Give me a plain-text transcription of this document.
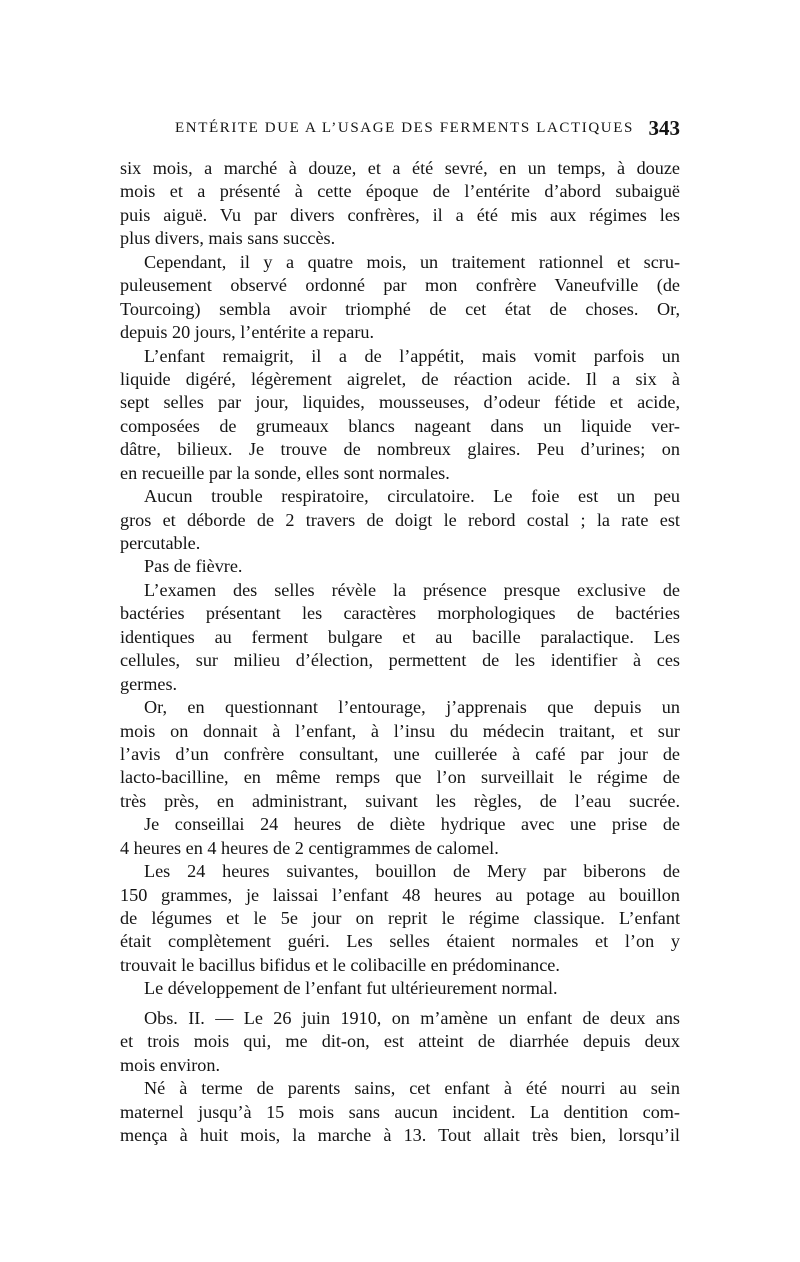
ENTÉRITE DUE A L’USAGE DES FERMENTS LACTIQUES 343
six mois, a marché à douze, et a été sevré, en un temps, à douze
mois et a présenté à cette époque de l’entérite d’abord subaiguë
puis aiguë. Vu par divers confrères, il a été mis aux régimes les
plus divers, mais sans succès.
Cependant, il y a quatre mois, un traitement rationnel et scru-
puleusement observé ordonné par mon confrère Vaneufville (de
Tourcoing) sembla avoir triomphé de cet état de choses. Or,
depuis 20 jours, l’entérite a reparu.
L’enfant remaigrit, il a de l’appétit, mais vomit parfois un
liquide digéré, légèrement aigrelet, de réaction acide. Il a six à
sept selles par jour, liquides, mousseuses, d’odeur fétide et acide,
composées de grumeaux blancs nageant dans un liquide ver-
dâtre, bilieux. Je trouve de nombreux glaires. Peu d’urines; on
en recueille par la sonde, elles sont normales.
Aucun trouble respiratoire, circulatoire. Le foie est un peu
gros et déborde de 2 travers de doigt le rebord costal ; la rate est
percutable.
Pas de fièvre.
L’examen des selles révèle la présence presque exclusive de
bactéries présentant les caractères morphologiques de bactéries
identiques au ferment bulgare et au bacille paralactique. Les
cellules, sur milieu d’élection, permettent de les identifier à ces
germes.
Or, en questionnant l’entourage, j’apprenais que depuis un
mois on donnait à l’enfant, à l’insu du médecin traitant, et sur
l’avis d’un confrère consultant, une cuillerée à café par jour de
lacto-bacilline, en même remps que l’on surveillait le régime de
très près, en administrant, suivant les règles, de l’eau sucrée.
Je conseillai 24 heures de diète hydrique avec une prise de
4 heures en 4 heures de 2 centigrammes de calomel.
Les 24 heures suivantes, bouillon de Mery par biberons de
150 grammes, je laissai l’enfant 48 heures au potage au bouillon
de légumes et le 5e jour on reprit le régime classique. L’enfant
était complètement guéri. Les selles étaient normales et l’on y
trouvait le bacillus bifidus et le colibacille en prédominance.
Le développement de l’enfant fut ultérieurement normal.
Obs. II. — Le 26 juin 1910, on m’amène un enfant de deux ans
et trois mois qui, me dit-on, est atteint de diarrhée depuis deux
mois environ.
Né à terme de parents sains, cet enfant à été nourri au sein
maternel jusqu’à 15 mois sans aucun incident. La dentition com-
mença à huit mois, la marche à 13. Tout allait très bien, lorsqu’il
